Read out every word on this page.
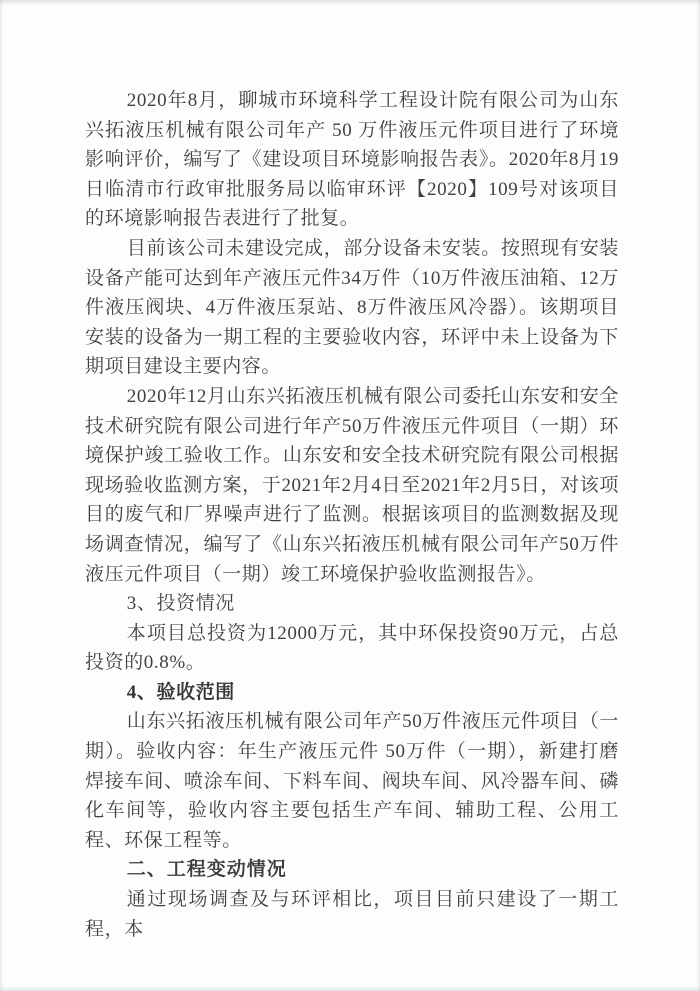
2020年8月，聊城市环境科学工程设计院有限公司为山东兴拓液压机械有限公司年产 50 万件液压元件项目进行了环境影响评价，编写了《建设项目环境影响报告表》。2020年8月19日临清市行政审批服务局以临审环评【2020】109号对该项目的环境影响报告表进行了批复。

目前该公司未建设完成，部分设备未安装。按照现有安装设备产能可达到年产液压元件34万件（10万件液压油箱、12万件液压阀块、4万件液压泵站、8万件液压风冷器）。该期项目安装的设备为一期工程的主要验收内容，环评中未上设备为下期项目建设主要内容。

2020年12月山东兴拓液压机械有限公司委托山东安和安全技术研究院有限公司进行年产50万件液压元件项目（一期）环境保护竣工验收工作。山东安和安全技术研究院有限公司根据现场验收监测方案，于2021年2月4日至2021年2月5日，对该项目的废气和厂界噪声进行了监测。根据该项目的监测数据及现场调查情况，编写了《山东兴拓液压机械有限公司年产50万件液压元件项目（一期）竣工环境保护验收监测报告》。

3、投资情况

本项目总投资为12000万元，其中环保投资90万元，占总投资的0.8%。

4、验收范围

山东兴拓液压机械有限公司年产50万件液压元件项目（一期）。验收内容：年生产液压元件 50万件（一期），新建打磨焊接车间、喷涂车间、下料车间、阀块车间、风冷器车间、磷化车间等，验收内容主要包括生产车间、辅助工程、公用工程、环保工程等。

二、工程变动情况

通过现场调查及与环评相比，项目目前只建设了一期工程，本
